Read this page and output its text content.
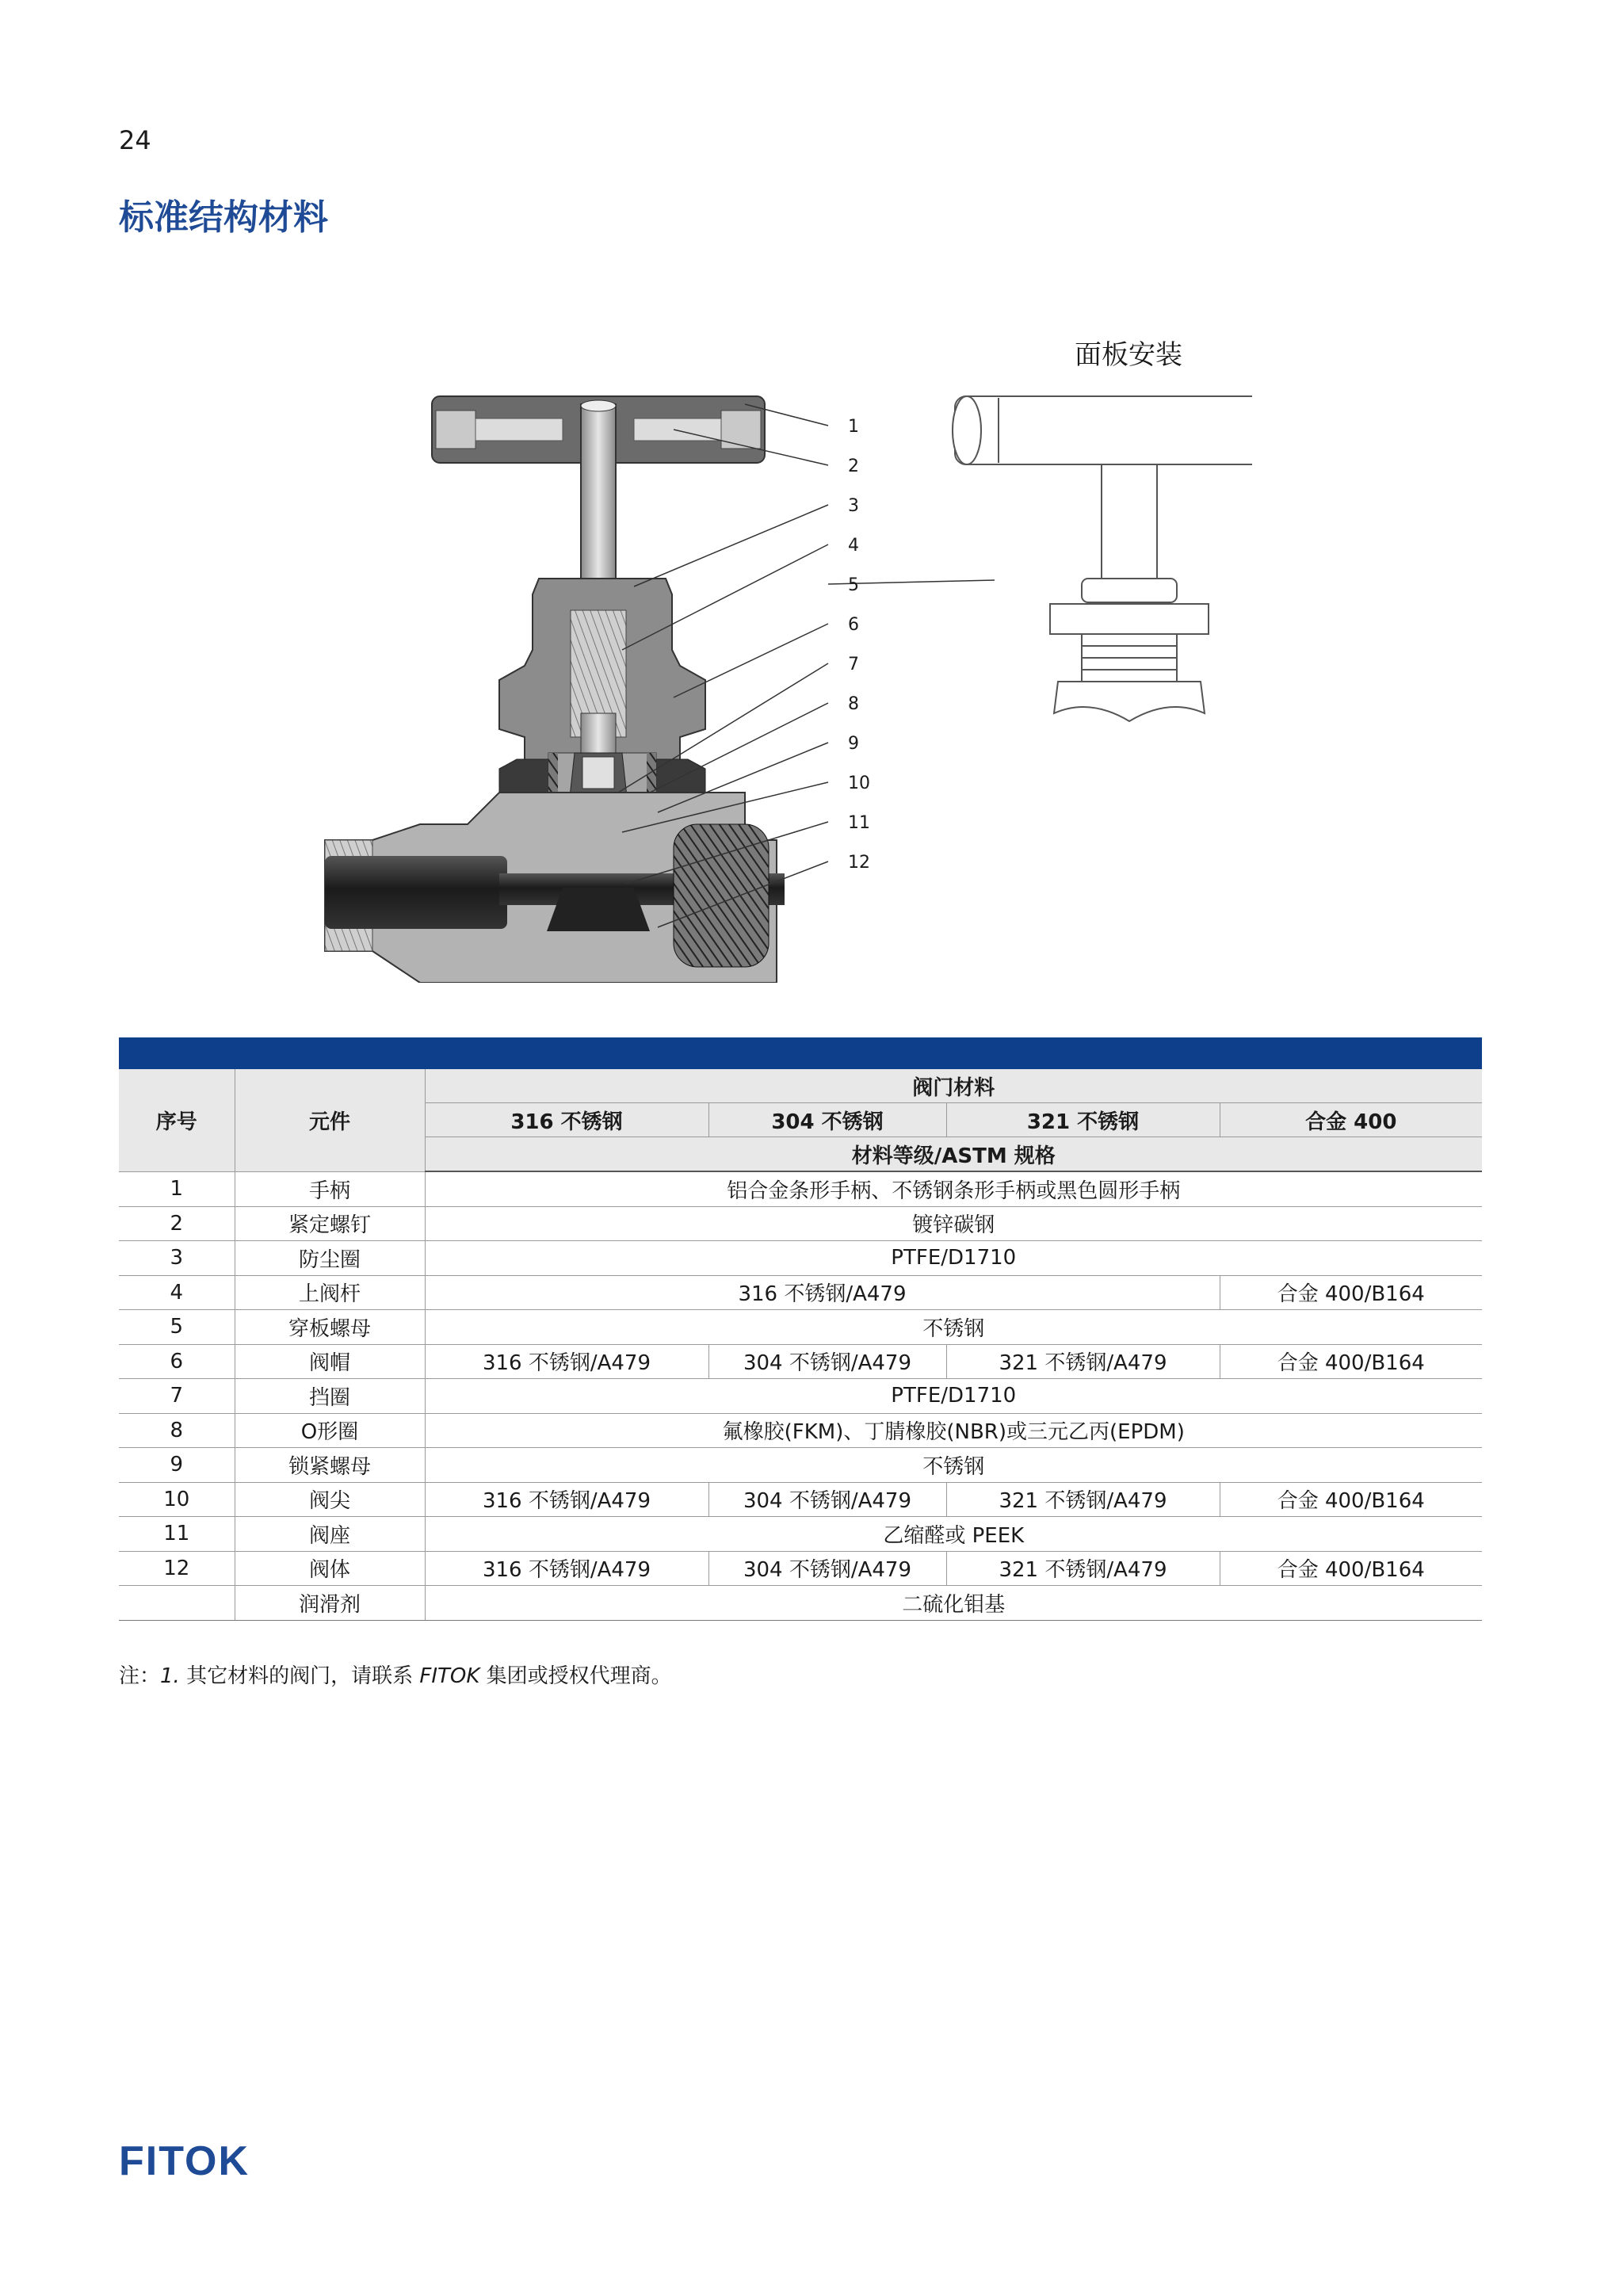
24
标准结构材料
面板安装
1
2
3
4
5
6
7
8
9
10
11
12
序号	元件	阀门材料			
		316 不锈钢	304 不锈钢	321 不锈钢	合金 400
		材料等级/ASTM 规格			
1	手柄	铝合金条形手柄、不锈钢条形手柄或黑色圆形手柄			
2	紧定螺钉	镀锌碳钢			
3	防尘圈	PTFE/D1710			
4	上阀杆	316 不锈钢/A479			合金 400/B164
5	穿板螺母	不锈钢			
6	阀帽	316 不锈钢/A479	304 不锈钢/A479	321 不锈钢/A479	合金 400/B164
7	挡圈	PTFE/D1710			
8	O形圈	氟橡胶(FKM)、丁腈橡胶(NBR)或三元乙丙(EPDM)			
9	锁紧螺母	不锈钢			
10	阀尖	316 不锈钢/A479	304 不锈钢/A479	321 不锈钢/A479	合金 400/B164
11	阀座	乙缩醛或 PEEK			
12	阀体	316 不锈钢/A479	304 不锈钢/A479	321 不锈钢/A479	合金 400/B164
	润滑剂	二硫化钼基			
注：1. 其它材料的阀门，请联系 FITOK 集团或授权代理商。
FITOK
